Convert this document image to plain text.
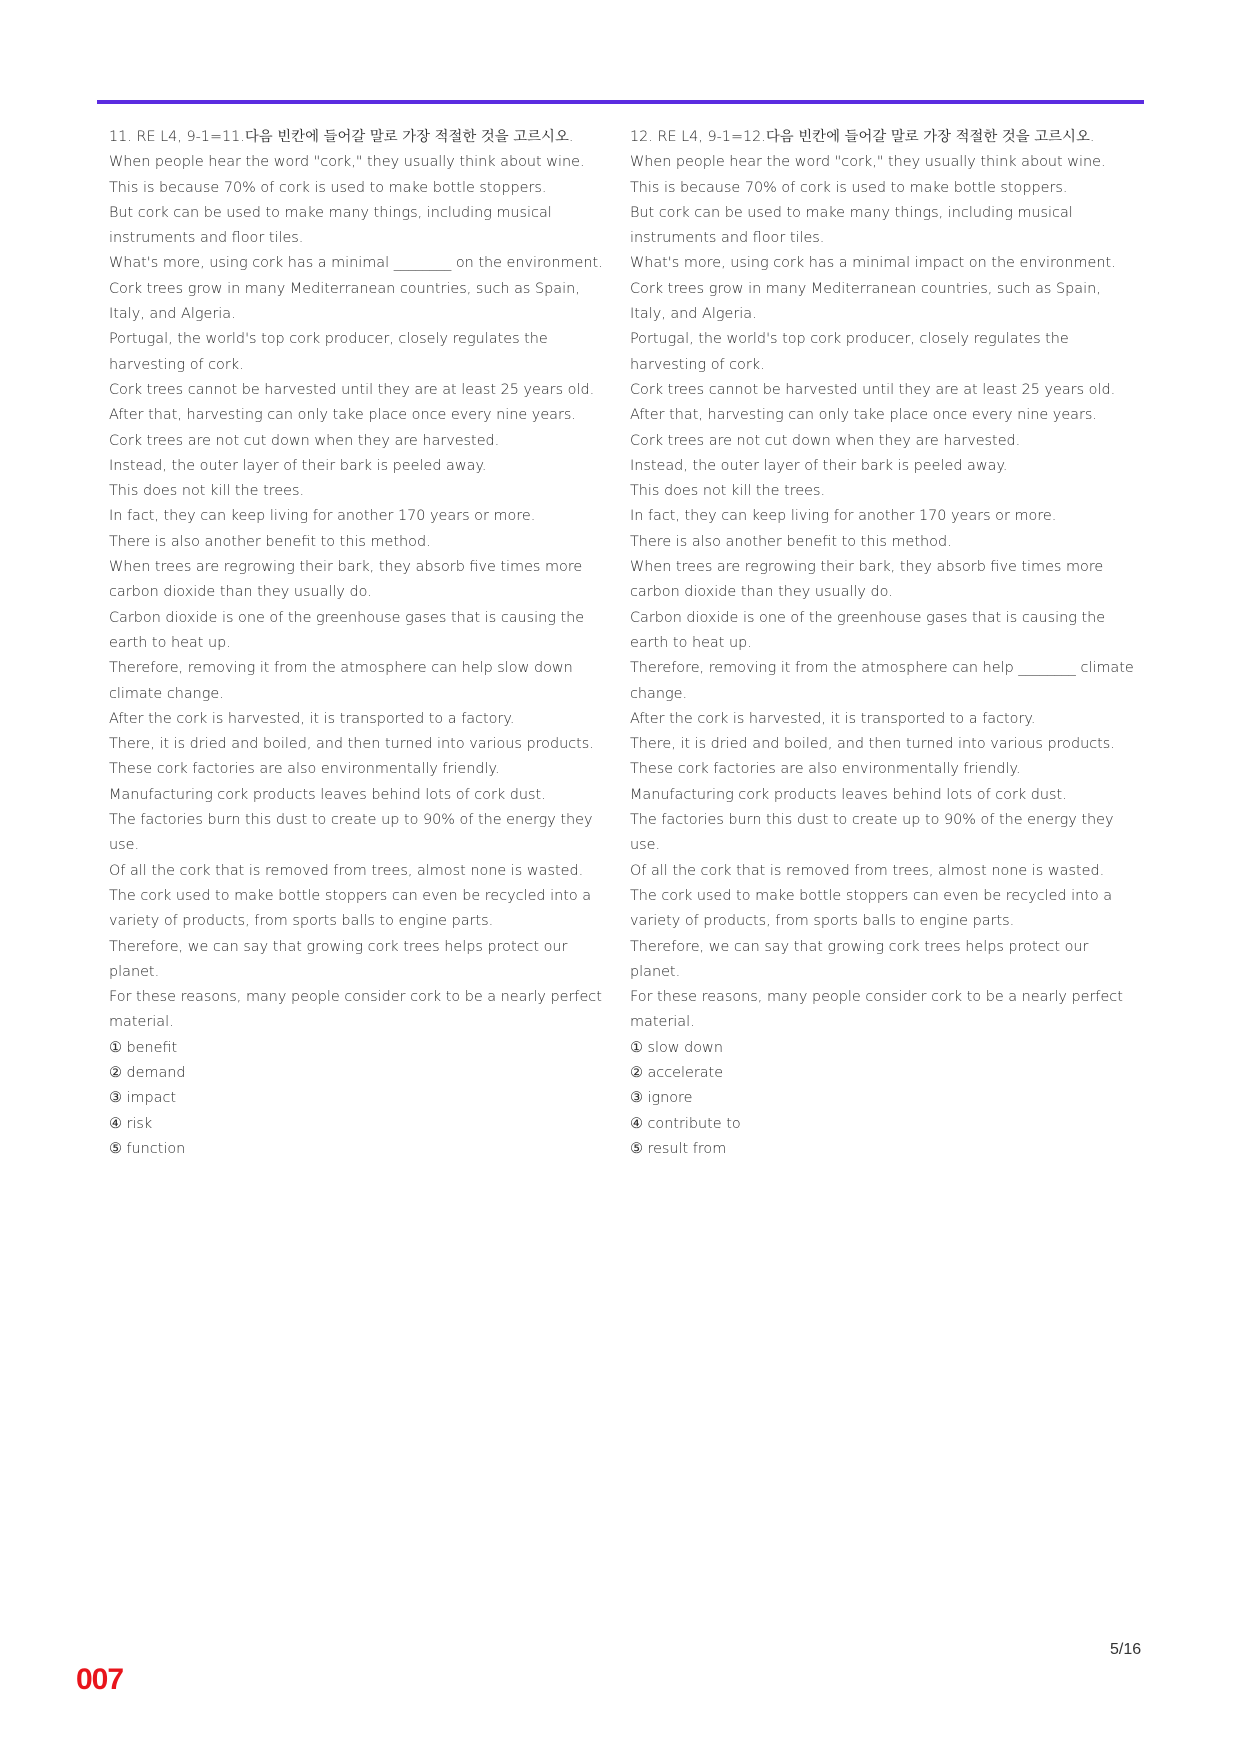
11. RE L4, 9-1=11.다음 빈칸에 들어갈 말로 가장 적절한 것을 고르시오.
When people hear the word "cork," they usually think about wine.
This is because 70% of cork is used to make bottle stoppers.
But cork can be used to make many things, including musical instruments and floor tiles.
What's more, using cork has a minimal ________ on the environment.
Cork trees grow in many Mediterranean countries, such as Spain, Italy, and Algeria.
Portugal, the world's top cork producer, closely regulates the harvesting of cork.
Cork trees cannot be harvested until they are at least 25 years old.
After that, harvesting can only take place once every nine years.
Cork trees are not cut down when they are harvested.
Instead, the outer layer of their bark is peeled away.
This does not kill the trees.
In fact, they can keep living for another 170 years or more.
There is also another benefit to this method.
When trees are regrowing their bark, they absorb five times more carbon dioxide than they usually do.
Carbon dioxide is one of the greenhouse gases that is causing the earth to heat up.
Therefore, removing it from the atmosphere can help slow down climate change.
After the cork is harvested, it is transported to a factory.
There, it is dried and boiled, and then turned into various products.
These cork factories are also environmentally friendly.
Manufacturing cork products leaves behind lots of cork dust.
The factories burn this dust to create up to 90% of the energy they use.
Of all the cork that is removed from trees, almost none is wasted.
The cork used to make bottle stoppers can even be recycled into a variety of products, from sports balls to engine parts.
Therefore, we can say that growing cork trees helps protect our planet.
For these reasons, many people consider cork to be a nearly perfect material.
① benefit
② demand
③ impact
④ risk
⑤ function
12. RE L4, 9-1=12.다음 빈칸에 들어갈 말로 가장 적절한 것을 고르시오.
When people hear the word "cork," they usually think about wine.
This is because 70% of cork is used to make bottle stoppers.
But cork can be used to make many things, including musical instruments and floor tiles.
What's more, using cork has a minimal impact on the environment.
Cork trees grow in many Mediterranean countries, such as Spain, Italy, and Algeria.
Portugal, the world's top cork producer, closely regulates the harvesting of cork.
Cork trees cannot be harvested until they are at least 25 years old.
After that, harvesting can only take place once every nine years.
Cork trees are not cut down when they are harvested.
Instead, the outer layer of their bark is peeled away.
This does not kill the trees.
In fact, they can keep living for another 170 years or more.
There is also another benefit to this method.
When trees are regrowing their bark, they absorb five times more carbon dioxide than they usually do.
Carbon dioxide is one of the greenhouse gases that is causing the earth to heat up.
Therefore, removing it from the atmosphere can help ________ climate change.
After the cork is harvested, it is transported to a factory.
There, it is dried and boiled, and then turned into various products.
These cork factories are also environmentally friendly.
Manufacturing cork products leaves behind lots of cork dust.
The factories burn this dust to create up to 90% of the energy they use.
Of all the cork that is removed from trees, almost none is wasted.
The cork used to make bottle stoppers can even be recycled into a variety of products, from sports balls to engine parts.
Therefore, we can say that growing cork trees helps protect our planet.
For these reasons, many people consider cork to be a nearly perfect material.
① slow down
② accelerate
③ ignore
④ contribute to
⑤ result from
5/16
007
